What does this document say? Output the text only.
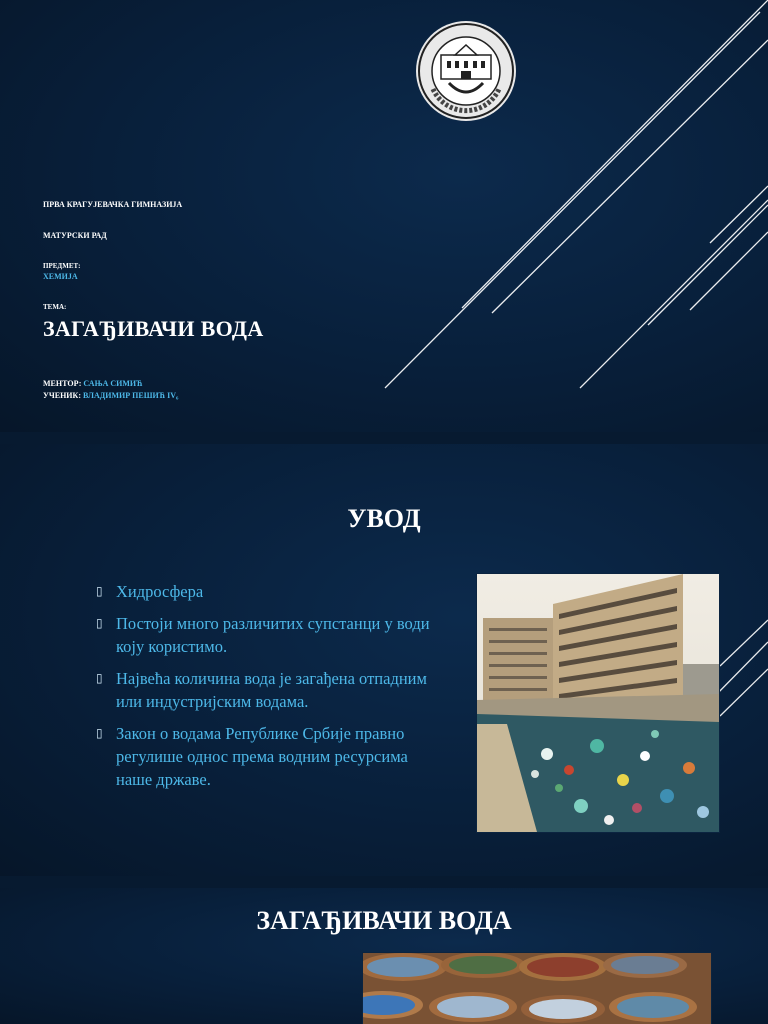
ПРВА КРАГУЈЕВАЧКА ГИМНАЗИЈА
МАТУРСКИ РАД
ПРЕДМЕТ:
ХЕМИЈА
ТЕМА:
ЗАГАЂИВАЧИ ВОДА
МЕНТОР: САЊА СИМИЋ
УЧЕНИК: ВЛАДИМИР ПЕШИЋ IV₆
УВОД
▯ Хидросфера
▯ Постоји много различитих супстанци у води коју користимо.
▯ Највећа количина вода је загађена отпадним или индустријским водама.
▯ Закон о водама Републике Србије правно регулише однос према водним ресурсима наше државе.
ЗАГАЂИВАЧИ ВОДА
